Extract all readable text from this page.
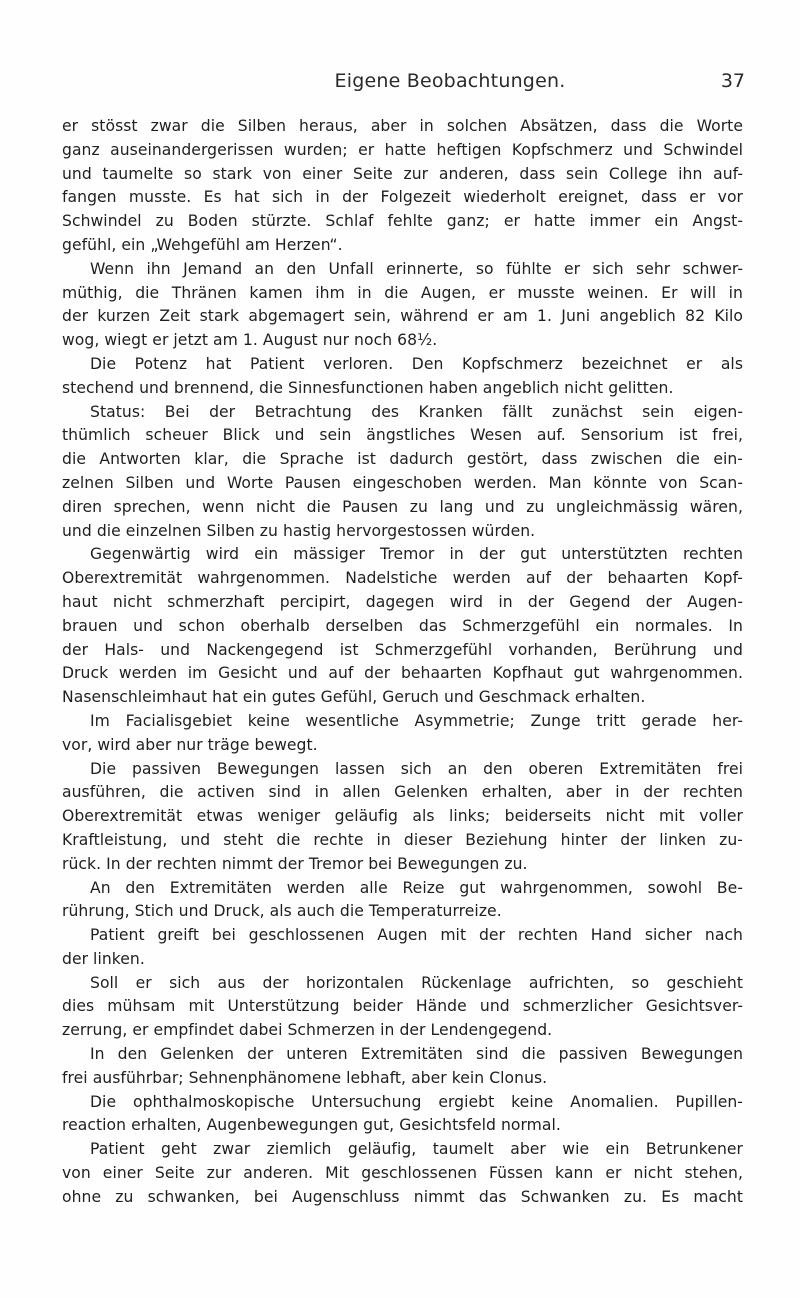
Eigene Beobachtungen.	37
er stösst zwar die Silben heraus, aber in solchen Absätzen, dass die Worte
ganz auseinandergerissen wurden; er hatte heftigen Kopfschmerz und Schwindel
und taumelte so stark von einer Seite zur anderen, dass sein College ihn auf-
fangen musste. Es hat sich in der Folgezeit wiederholt ereignet, dass er vor
Schwindel zu Boden stürzte. Schlaf fehlte ganz; er hatte immer ein Angst-
gefühl, ein „Wehgefühl am Herzen“.
Wenn ihn Jemand an den Unfall erinnerte, so fühlte er sich sehr schwer-
müthig, die Thränen kamen ihm in die Augen, er musste weinen. Er will in
der kurzen Zeit stark abgemagert sein, während er am 1. Juni angeblich 82 Kilo
wog, wiegt er jetzt am 1. August nur noch 68½.
Die Potenz hat Patient verloren. Den Kopfschmerz bezeichnet er als
stechend und brennend, die Sinnesfunctionen haben angeblich nicht gelitten.
Status: Bei der Betrachtung des Kranken fällt zunächst sein eigen-
thümlich scheuer Blick und sein ängstliches Wesen auf. Sensorium ist frei,
die Antworten klar, die Sprache ist dadurch gestört, dass zwischen die ein-
zelnen Silben und Worte Pausen eingeschoben werden. Man könnte von Scan-
diren sprechen, wenn nicht die Pausen zu lang und zu ungleichmässig wären,
und die einzelnen Silben zu hastig hervorgestossen würden.
Gegenwärtig wird ein mässiger Tremor in der gut unterstützten rechten
Oberextremität wahrgenommen. Nadelstiche werden auf der behaarten Kopf-
haut nicht schmerzhaft percipirt, dagegen wird in der Gegend der Augen-
brauen und schon oberhalb derselben das Schmerzgefühl ein normales. In
der Hals- und Nackengegend ist Schmerzgefühl vorhanden, Berührung und
Druck werden im Gesicht und auf der behaarten Kopfhaut gut wahrgenommen.
Nasenschleimhaut hat ein gutes Gefühl, Geruch und Geschmack erhalten.
Im Facialisgebiet keine wesentliche Asymmetrie; Zunge tritt gerade her-
vor, wird aber nur träge bewegt.
Die passiven Bewegungen lassen sich an den oberen Extremitäten frei
ausführen, die activen sind in allen Gelenken erhalten, aber in der rechten
Oberextremität etwas weniger geläufig als links; beiderseits nicht mit voller
Kraftleistung, und steht die rechte in dieser Beziehung hinter der linken zu-
rück. In der rechten nimmt der Tremor bei Bewegungen zu.
An den Extremitäten werden alle Reize gut wahrgenommen, sowohl Be-
rührung, Stich und Druck, als auch die Temperaturreize.
Patient greift bei geschlossenen Augen mit der rechten Hand sicher nach
der linken.
Soll er sich aus der horizontalen Rückenlage aufrichten, so geschieht
dies mühsam mit Unterstützung beider Hände und schmerzlicher Gesichtsver-
zerrung, er empfindet dabei Schmerzen in der Lendengegend.
In den Gelenken der unteren Extremitäten sind die passiven Bewegungen
frei ausführbar; Sehnenphänomene lebhaft, aber kein Clonus.
Die ophthalmoskopische Untersuchung ergiebt keine Anomalien. Pupillen-
reaction erhalten, Augenbewegungen gut, Gesichtsfeld normal.
Patient geht zwar ziemlich geläufig, taumelt aber wie ein Betrunkener
von einer Seite zur anderen. Mit geschlossenen Füssen kann er nicht stehen,
ohne zu schwanken, bei Augenschluss nimmt das Schwanken zu. Es macht
